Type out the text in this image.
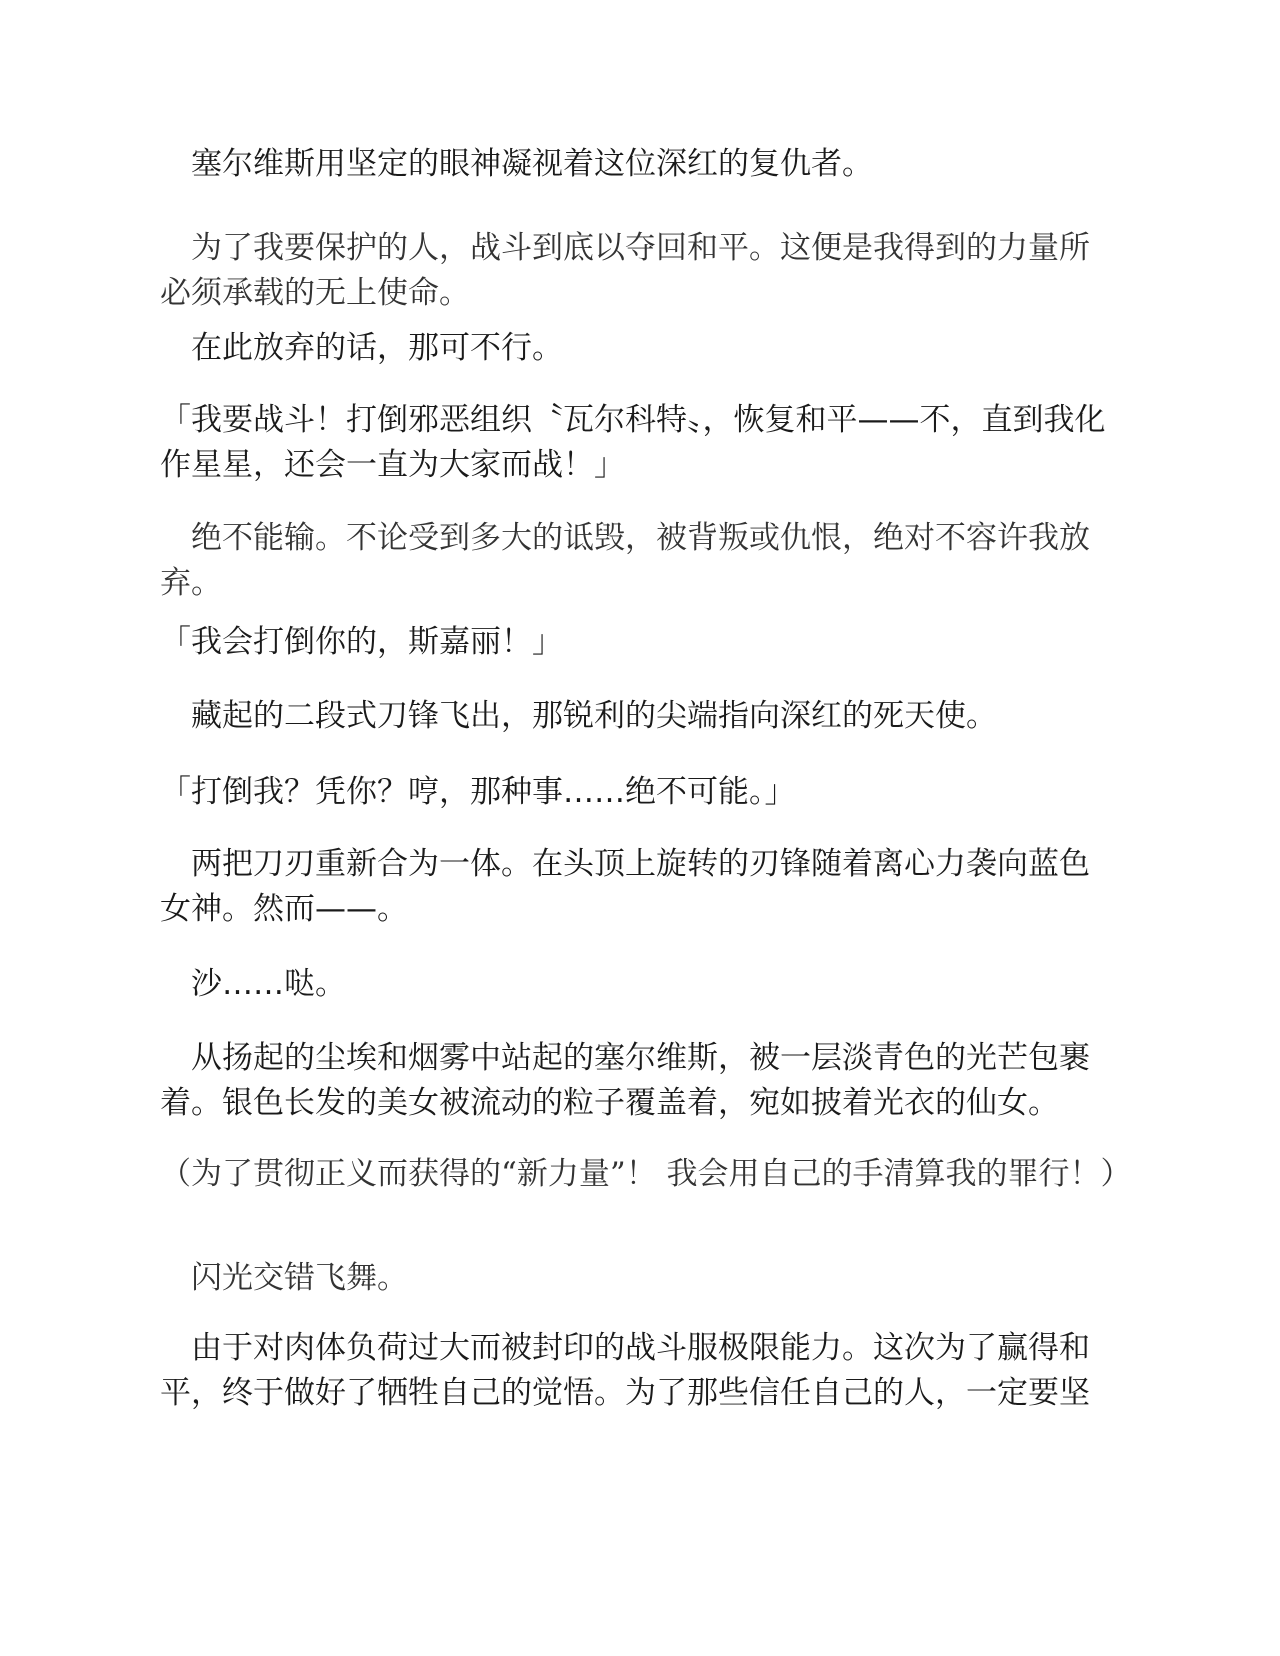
　塞尔维斯用坚定的眼神凝视着这位深红的复仇者。

　为了我要保护的人，战斗到底以夺回和平。这便是我得到的力量所必须承载的无上使命。

　在此放弃的话，那可不行。

「我要战斗！打倒邪恶组织〝瓦尔科特〟，恢复和平——不，直到我化作星星，还会一直为大家而战！」

　绝不能输。不论受到多大的诋毁，被背叛或仇恨，绝对不容许我放弃。

「我会打倒你的，斯嘉丽！」

　藏起的二段式刀锋飞出，那锐利的尖端指向深红的死天使。

「打倒我？凭你？哼，那种事……绝不可能。」

　两把刀刃重新合为一体。在头顶上旋转的刃锋随着离心力袭向蓝色女神。然而——。

　沙……哒。

　从扬起的尘埃和烟雾中站起的塞尔维斯，被一层淡青色的光芒包裹着。银色长发的美女被流动的粒子覆盖着，宛如披着光衣的仙女。

（为了贯彻正义而获得的“新力量”！ 我会用自己的手清算我的罪行！）

　闪光交错飞舞。

　由于对肉体负荷过大而被封印的战斗服极限能力。这次为了赢得和平，终于做好了牺牲自己的觉悟。为了那些信任自己的人，一定要坚
